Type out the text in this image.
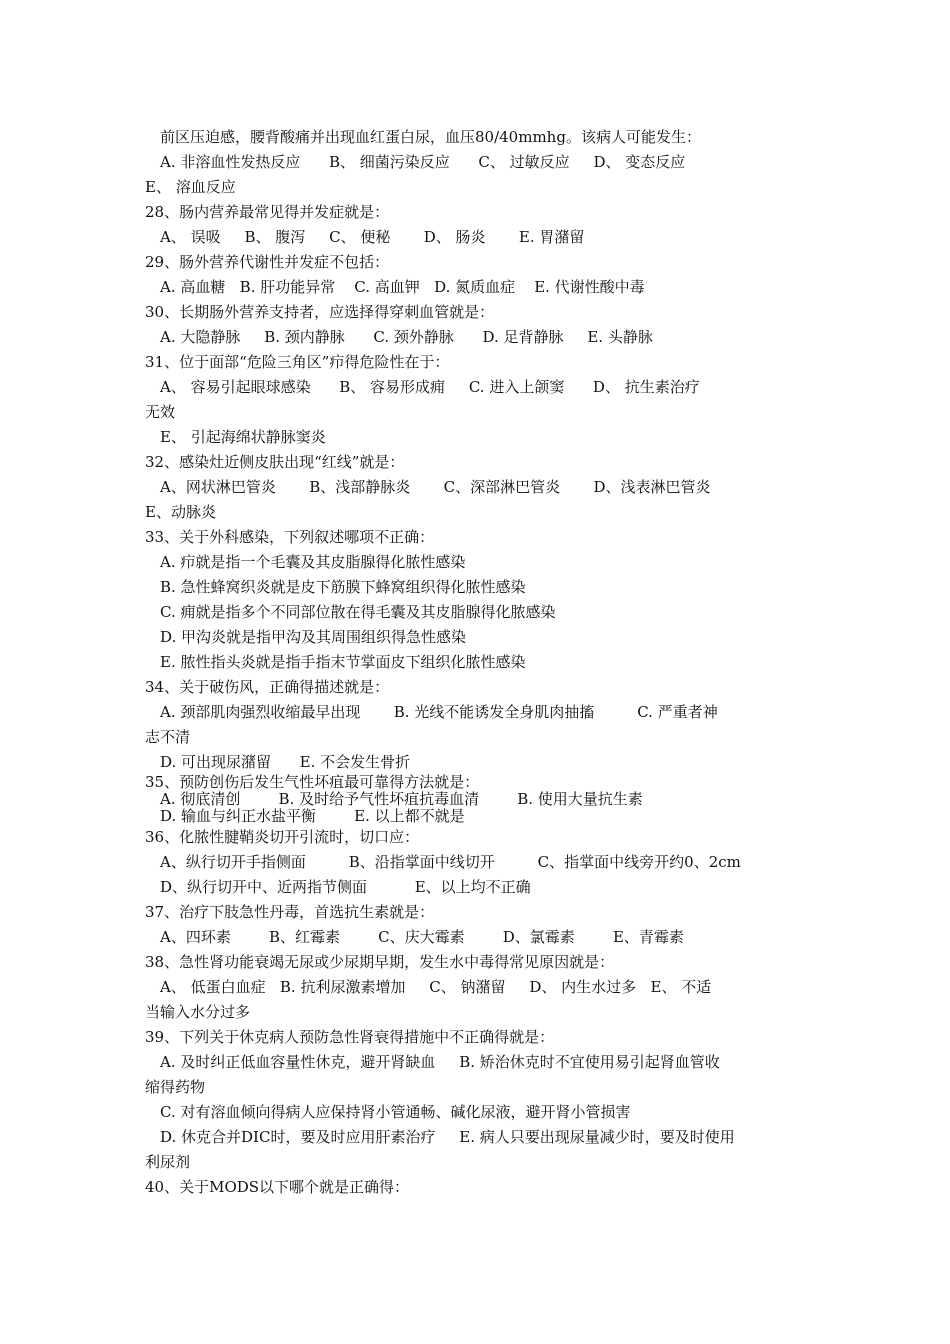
前区压迫感，腰背酸痛并出现血红蛋白尿，血压80/40mmhg。该病人可能发生：
A. 非溶血性发热反应      B、 细菌污染反应      C、 过敏反应     D、 变态反应
E、 溶血反应
28、肠内营养最常见得并发症就是：
A、 误吸     B、 腹泻     C、 便秘       D、 肠炎       E. 胃潴留
29、肠外营养代谢性并发症不包括：
A. 高血糖   B. 肝功能异常    C. 高血钾   D. 氮质血症    E. 代谢性酸中毒
30、长期肠外营养支持者，应选择得穿刺血管就是：
A. 大隐静脉     B. 颈内静脉      C. 颈外静脉      D. 足背静脉     E. 头静脉
31、位于面部“危险三角区”疖得危险性在于：
A、 容易引起眼球感染      B、 容易形成痈     C. 进入上颌窦      D、 抗生素治疗
无效
E、 引起海绵状静脉窦炎
32、感染灶近侧皮肤出现“红线”就是：
A、网状淋巴管炎       B、浅部静脉炎       C、深部淋巴管炎       D、浅表淋巴管炎
E、动脉炎
33、关于外科感染，下列叙述哪项不正确：
A. 疖就是指一个毛囊及其皮脂腺得化脓性感染
B. 急性蜂窝织炎就是皮下筋膜下蜂窝组织得化脓性感染
C. 痈就是指多个不同部位散在得毛囊及其皮脂腺得化脓感染
D. 甲沟炎就是指甲沟及其周围组织得急性感染
E. 脓性指头炎就是指手指末节掌面皮下组织化脓性感染
34、关于破伤风，正确得描述就是：
A. 颈部肌肉强烈收缩最早出现       B. 光线不能诱发全身肌肉抽搐         C. 严重者神
志不清
D. 可出现尿潴留      E. 不会发生骨折
35、预防创伤后发生气性坏疽最可靠得方法就是：
A. 彻底清创        B. 及时给予气性坏疽抗毒血清        B. 使用大量抗生素
D. 输血与纠正水盐平衡        E. 以上都不就是
36、化脓性腱鞘炎切开引流时，切口应：
A、纵行切开手指侧面         B、沿指掌面中线切开         C、指掌面中线旁开约0、2cm
D、纵行切开中、近两指节侧面          E、以上均不正确
37、治疗下肢急性丹毒，首选抗生素就是：
A、四环素        B、红霉素        C、庆大霉素        D、氯霉素        E、青霉素
38、急性肾功能衰竭无尿或少尿期早期，发生水中毒得常见原因就是：
A、 低蛋白血症   B. 抗利尿激素增加     C、 钠潴留     D、 内生水过多   E、 不适
当输入水分过多
39、下列关于休克病人预防急性肾衰得措施中不正确得就是：
A. 及时纠正低血容量性休克，避开肾缺血     B. 矫治休克时不宜使用易引起肾血管收
缩得药物
C. 对有溶血倾向得病人应保持肾小管通畅、碱化尿液，避开肾小管损害
D. 休克合并DIC时，要及时应用肝素治疗     E. 病人只要出现尿量减少时，要及时使用
利尿剂
40、关于MODS以下哪个就是正确得：
